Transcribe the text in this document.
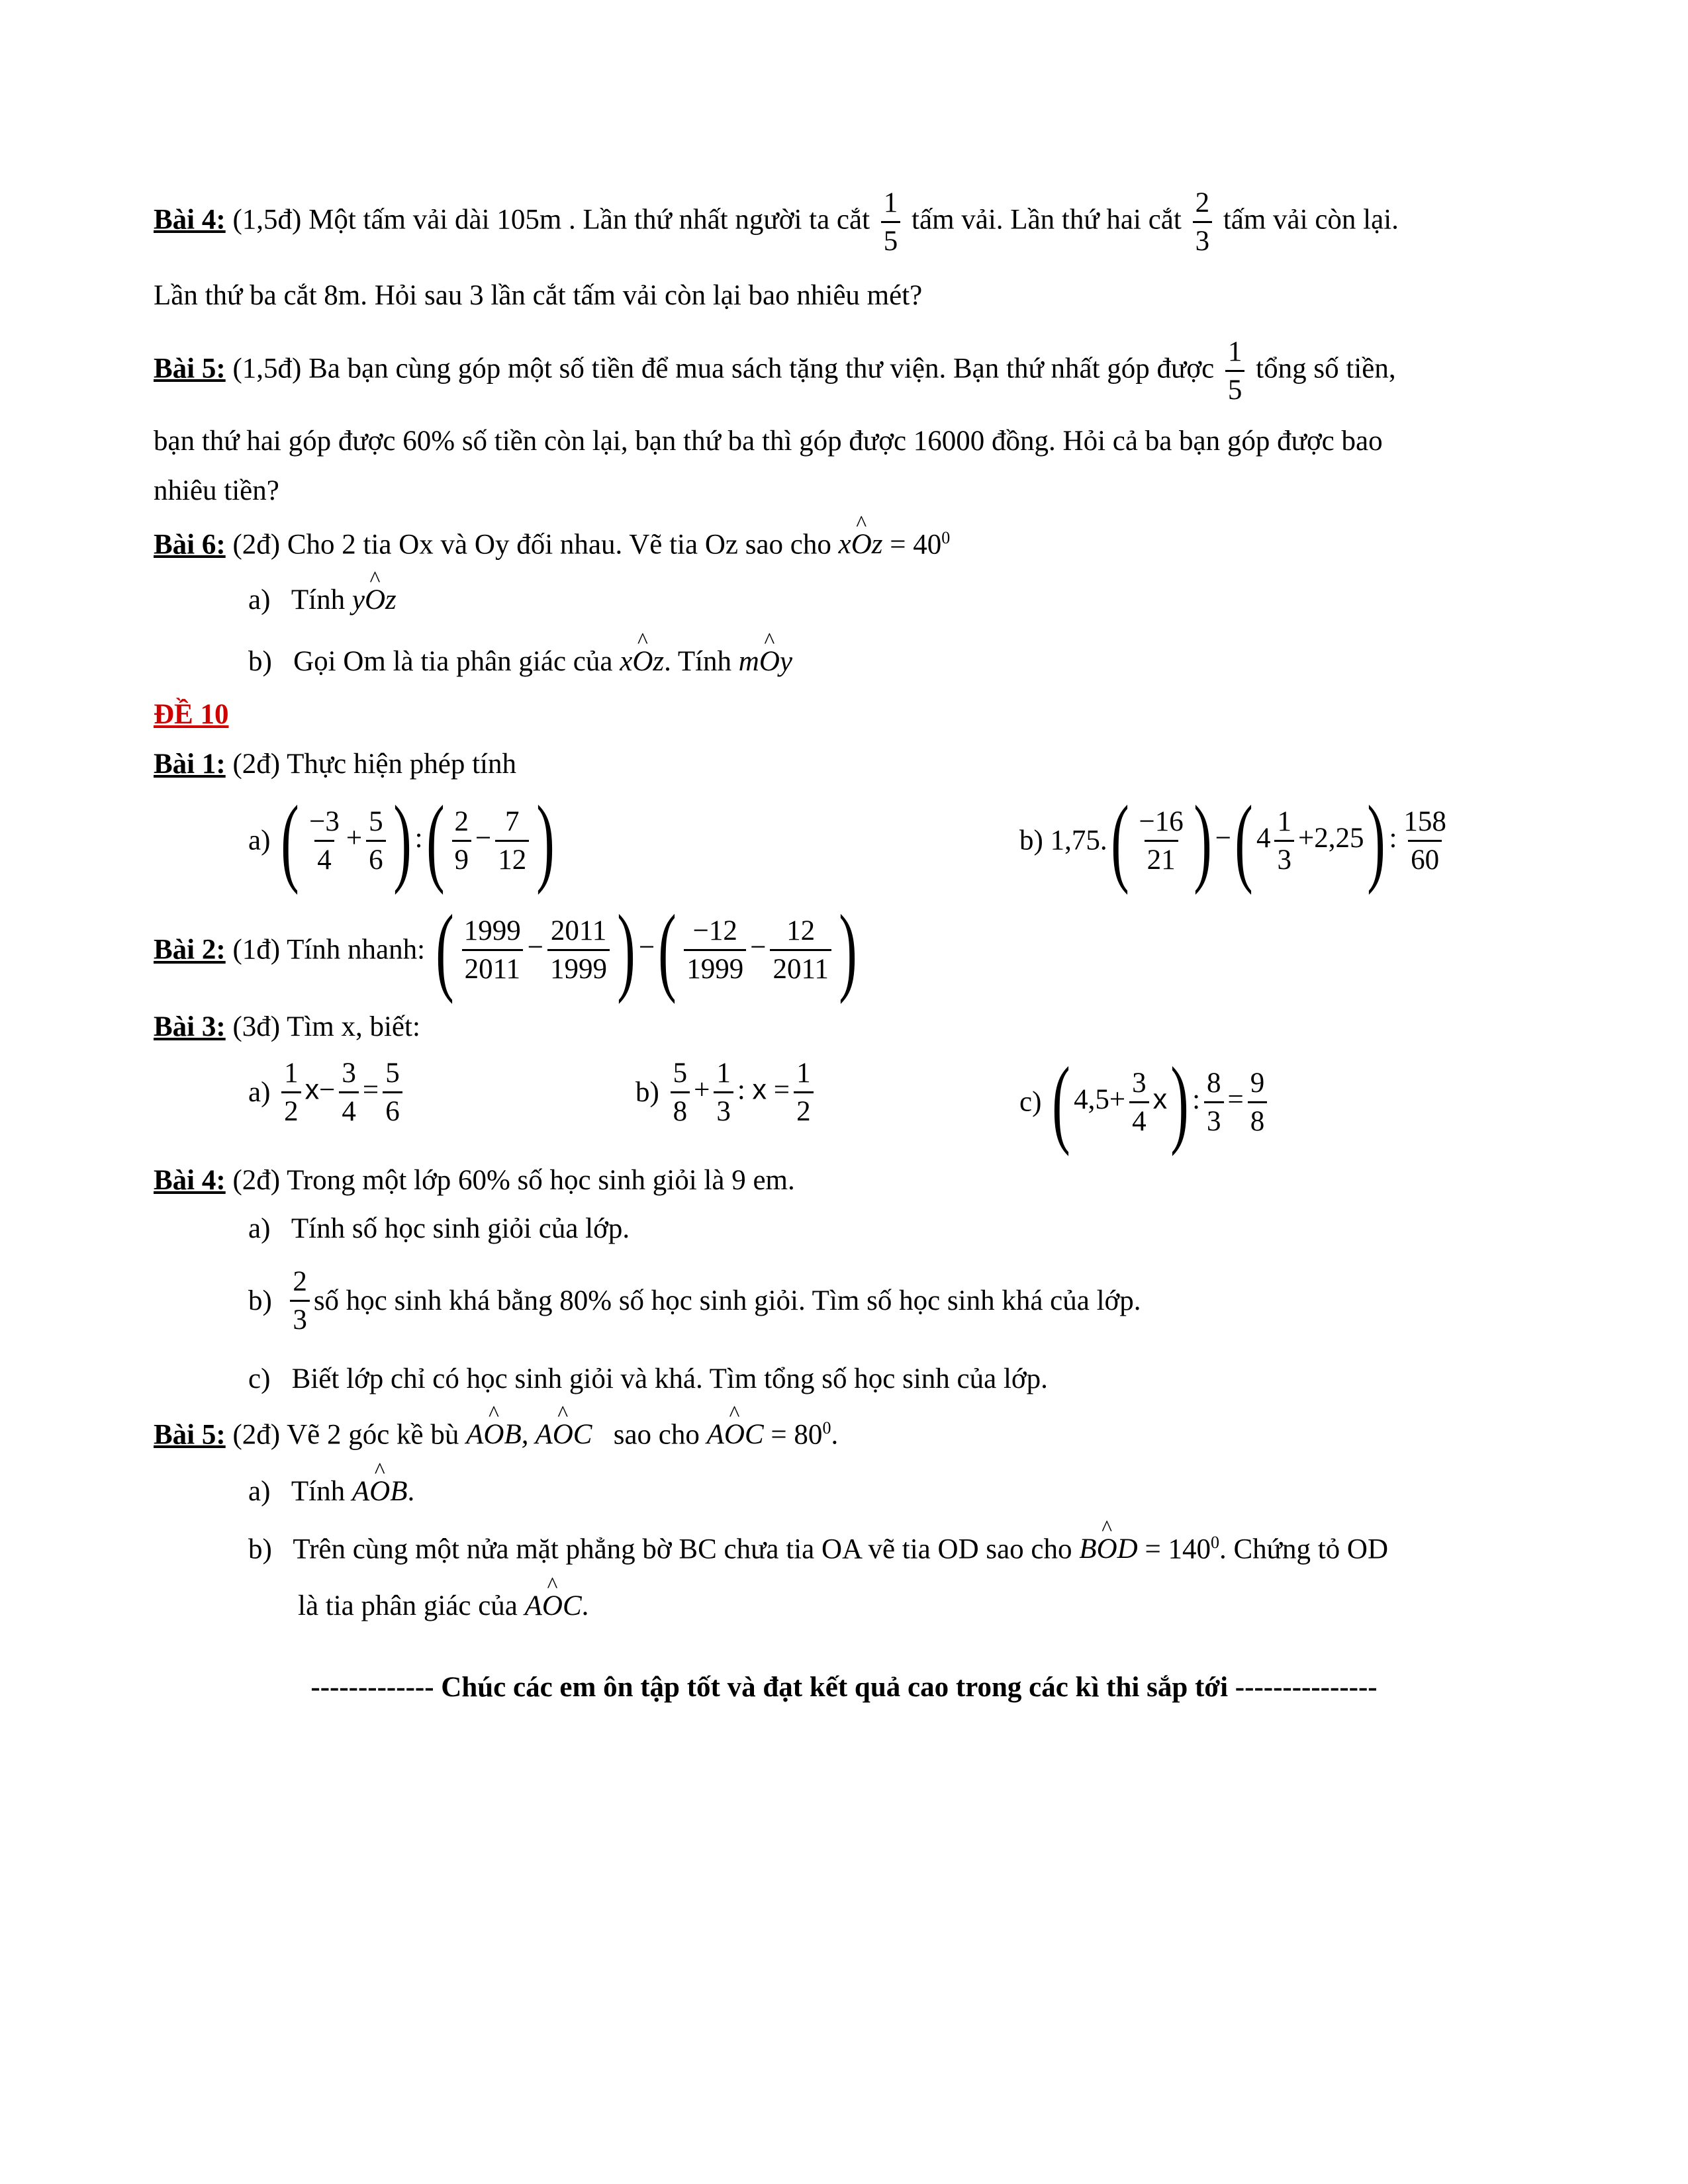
Bài 4: (1,5đ) Một tấm vải dài 105m . Lần thứ nhất người ta cắt $\frac{1}{5}$ tấm vải. Lần thứ hai cắt $\frac{2}{3}$ tấm vải còn lại.
Lần thứ ba cắt 8m. Hỏi sau 3 lần cắt tấm vải còn lại bao nhiêu mét?
Bài 5: (1,5đ) Ba bạn cùng góp một số tiền để mua sách tặng thư viện. Bạn thứ nhất góp được $\frac{1}{5}$ tổng số tiền,
bạn thứ hai góp được 60% số tiền còn lại, bạn thứ ba thì góp được 16000 đồng. Hỏi cả ba bạn góp được bao
nhiêu tiền?
Bài 6: (2đ) Cho 2 tia Ox và Oy đối nhau. Vẽ tia Oz sao cho x^ $Oz = 40^0$
a) Tính y^ Oz
b) Gọi Om là tia phân giác của x^ Oz. Tính m^ Oy
ĐỀ 10
Bài 1: (2đ) Thực hiện phép tính
a) ( $\frac{-3}{4} + \frac{5}{6}$ ) :( $\frac{2}{9} - \frac{7}{12}$ )	b) $1,75.( \frac{-16}{21}$ ) −( $4 \frac{1}{3} +2,25$) : $\frac{158}{60}$
Bài 2: (1đ) Tính nhanh: ( $\frac{1999}{2011} - \frac{2011}{1999}$ ) −( $\frac{-12}{1999} - \frac{12}{2011}$ )
Bài 3: (3đ) Tìm x, biết:
$a) \frac{1}{2} x- \frac{3}{4} = \frac{5}{6}$	$b) \frac{5}{8} + \frac{1}{3}$ : $x = \frac{1}{2}$	c) ( $4,5+ \frac{3}{4} x$) : $\frac{8}{3} = \frac{9}{8}$
Bài 4: (2đ) Trong một lớp 60% số học sinh giỏi là 9 em.
a) Tính số học sinh giỏi của lớp.
$b) \frac{2}{3}$ số học sinh khá bằng 80% số học sinh giỏi. Tìm số học sinh khá của lớp.
c) Biết lớp chỉ có học sinh giỏi và khá. Tìm tổng số học sinh của lớp.
Bài 5: (2đ) Vẽ 2 góc kề bù A^ OB, A^ OC sao cho A^ OC = $80^0$.
a) Tính A^ OB.
b) Trên cùng một nửa mặt phẳng bờ BC chưa tia OA vẽ tia OD sao cho B^ OD = $140^0$. Chứng tỏ OD
là tia phân giác của A^ OC.
------------- Chúc các em ôn tập tốt và đạt kết quả cao trong các kì thi sắp tới ---------------
